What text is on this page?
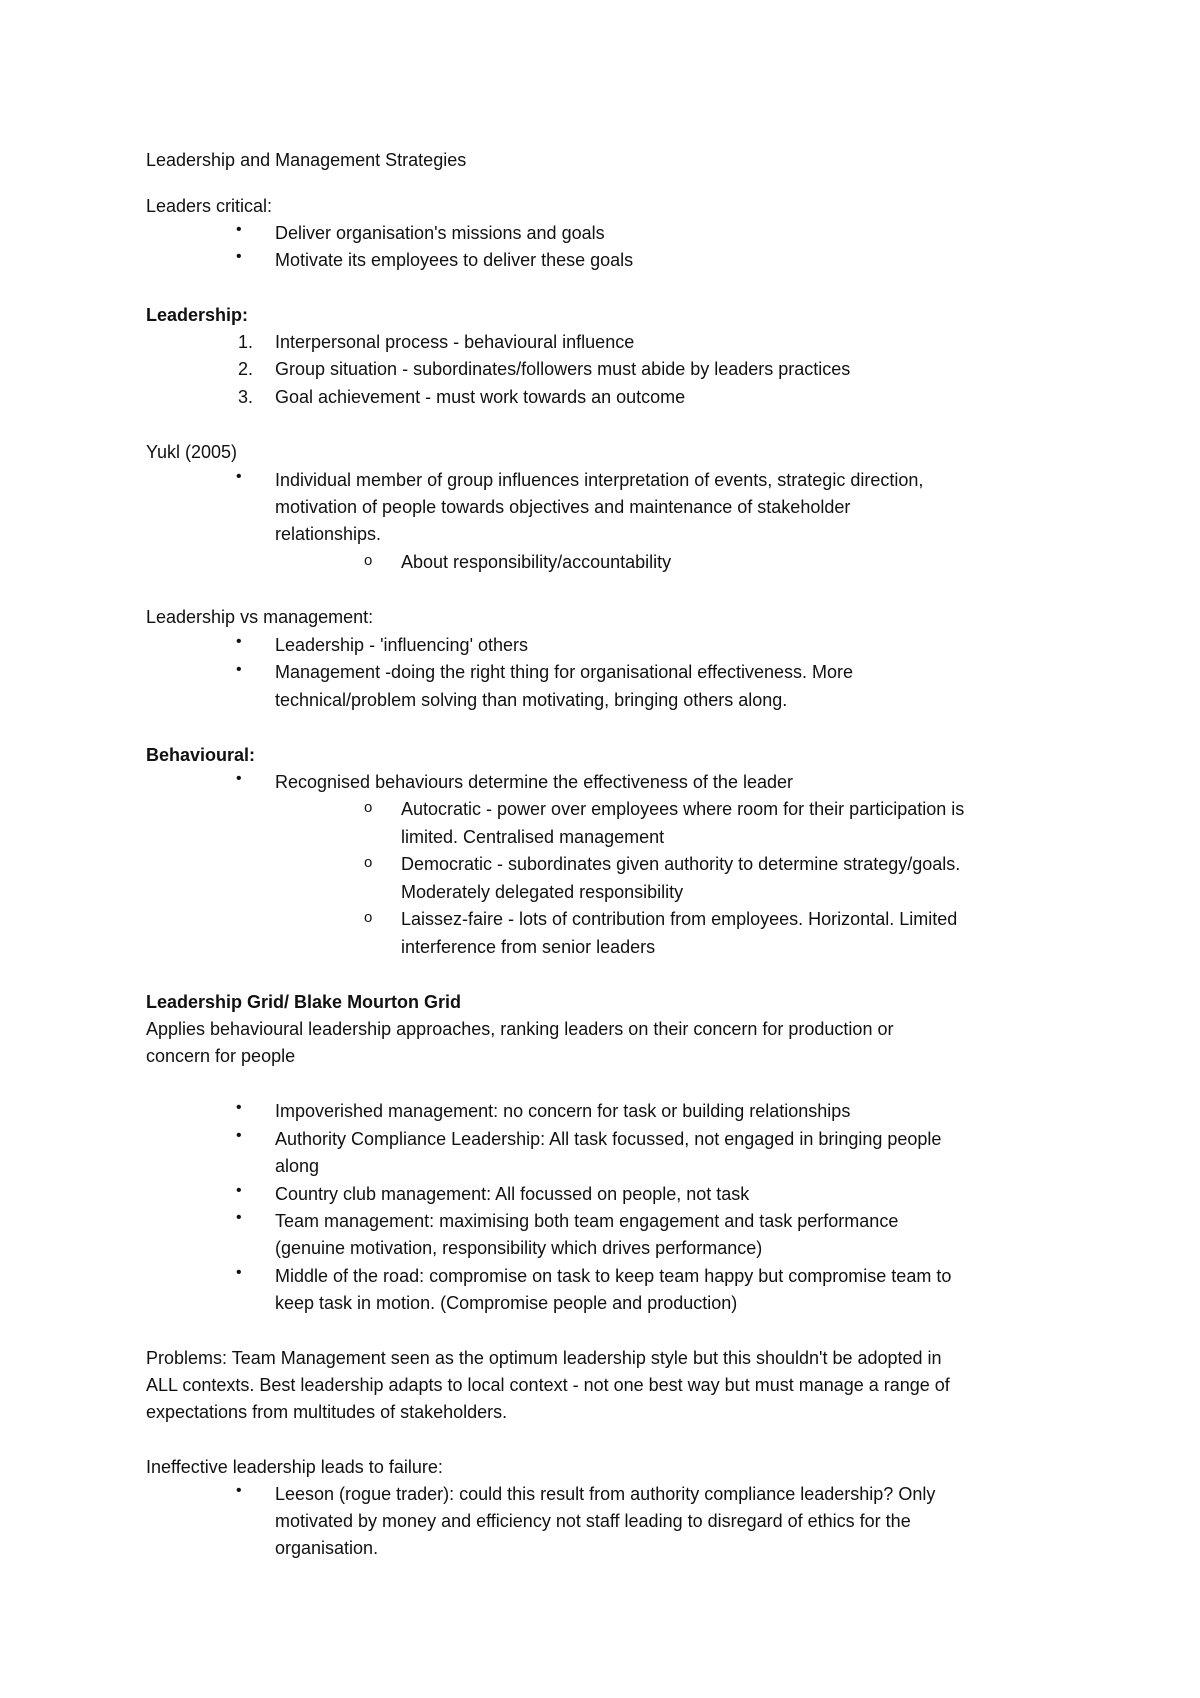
Leadership and Management Strategies
Leaders critical:
• Deliver organisation's missions and goals
• Motivate its employees to deliver these goals
Leadership:
1. Interpersonal process - behavioural influence
2. Group situation - subordinates/followers must abide by leaders practices
3. Goal achievement - must work towards an outcome
Yukl (2005)
• Individual member of group influences interpretation of events, strategic direction,
motivation of people towards objectives and maintenance of stakeholder
relationships.
o About responsibility/accountability
Leadership vs management:
• Leadership - 'influencing' others
• Management -doing the right thing for organisational effectiveness. More
technical/problem solving than motivating, bringing others along.
Behavioural:
• Recognised behaviours determine the effectiveness of the leader
o Autocratic - power over employees where room for their participation is
limited. Centralised management
o Democratic - subordinates given authority to determine strategy/goals.
Moderately delegated responsibility
o Laissez-faire - lots of contribution from employees. Horizontal. Limited
interference from senior leaders
Leadership Grid/ Blake Mourton Grid
Applies behavioural leadership approaches, ranking leaders on their concern for production or
concern for people
• Impoverished management: no concern for task or building relationships
• Authority Compliance Leadership: All task focussed, not engaged in bringing people
along
• Country club management: All focussed on people, not task
• Team management: maximising both team engagement and task performance
(genuine motivation, responsibility which drives performance)
• Middle of the road: compromise on task to keep team happy but compromise team to
keep task in motion. (Compromise people and production)
Problems: Team Management seen as the optimum leadership style but this shouldn't be adopted in
ALL contexts. Best leadership adapts to local context - not one best way but must manage a range of
expectations from multitudes of stakeholders.
Ineffective leadership leads to failure:
• Leeson (rogue trader): could this result from authority compliance leadership? Only
motivated by money and efficiency not staff leading to disregard of ethics for the
organisation.
